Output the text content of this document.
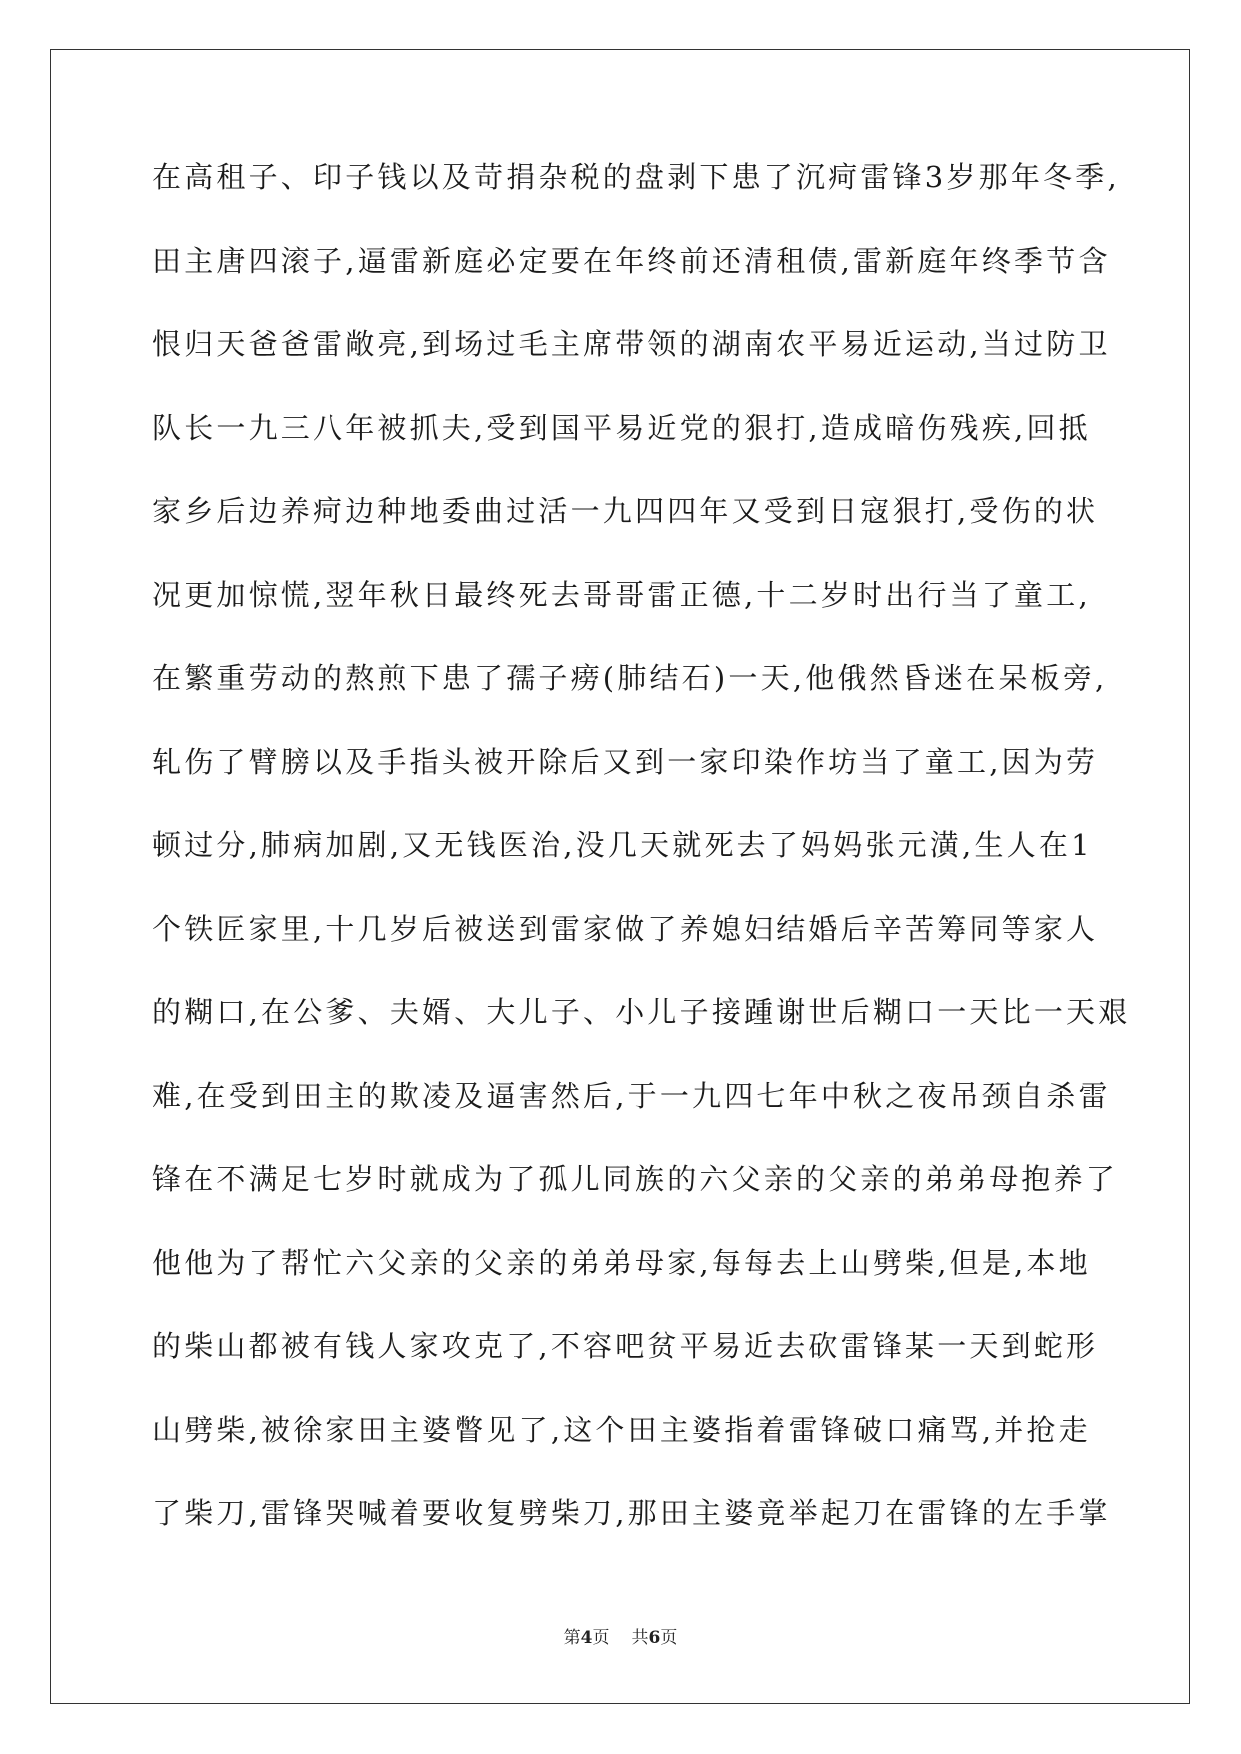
在高租子、印子钱以及苛捐杂税的盘剥下患了沉疴雷锋3岁那年冬季,
田主唐四滚子,逼雷新庭必定要在年终前还清租债,雷新庭年终季节含
恨归天爸爸雷敞亮,到场过毛主席带领的湖南农平易近运动,当过防卫
队长一九三八年被抓夫,受到国平易近党的狠打,造成暗伤残疾,回抵
家乡后边养疴边种地委曲过活一九四四年又受到日寇狠打,受伤的状
况更加惊慌,翌年秋日最终死去哥哥雷正德,十二岁时出行当了童工,
在繁重劳动的熬煎下患了孺子痨(肺结石)一天,他俄然昏迷在呆板旁,
轧伤了臂膀以及手指头被开除后又到一家印染作坊当了童工,因为劳
顿过分,肺病加剧,又无钱医治,没几天就死去了妈妈张元潢,生人在1
个铁匠家里,十几岁后被送到雷家做了养媳妇结婚后辛苦筹同等家人
的糊口,在公爹、夫婿、大儿子、小儿子接踵谢世后糊口一天比一天艰
难,在受到田主的欺凌及逼害然后,于一九四七年中秋之夜吊颈自杀雷
锋在不满足七岁时就成为了孤儿同族的六父亲的父亲的弟弟母抱养了
他他为了帮忙六父亲的父亲的弟弟母家,每每去上山劈柴,但是,本地
的柴山都被有钱人家攻克了,不容吧贫平易近去砍雷锋某一天到蛇形
山劈柴,被徐家田主婆瞥见了,这个田主婆指着雷锋破口痛骂,并抢走
了柴刀,雷锋哭喊着要收复劈柴刀,那田主婆竟举起刀在雷锋的左手掌
第4页 共6页
